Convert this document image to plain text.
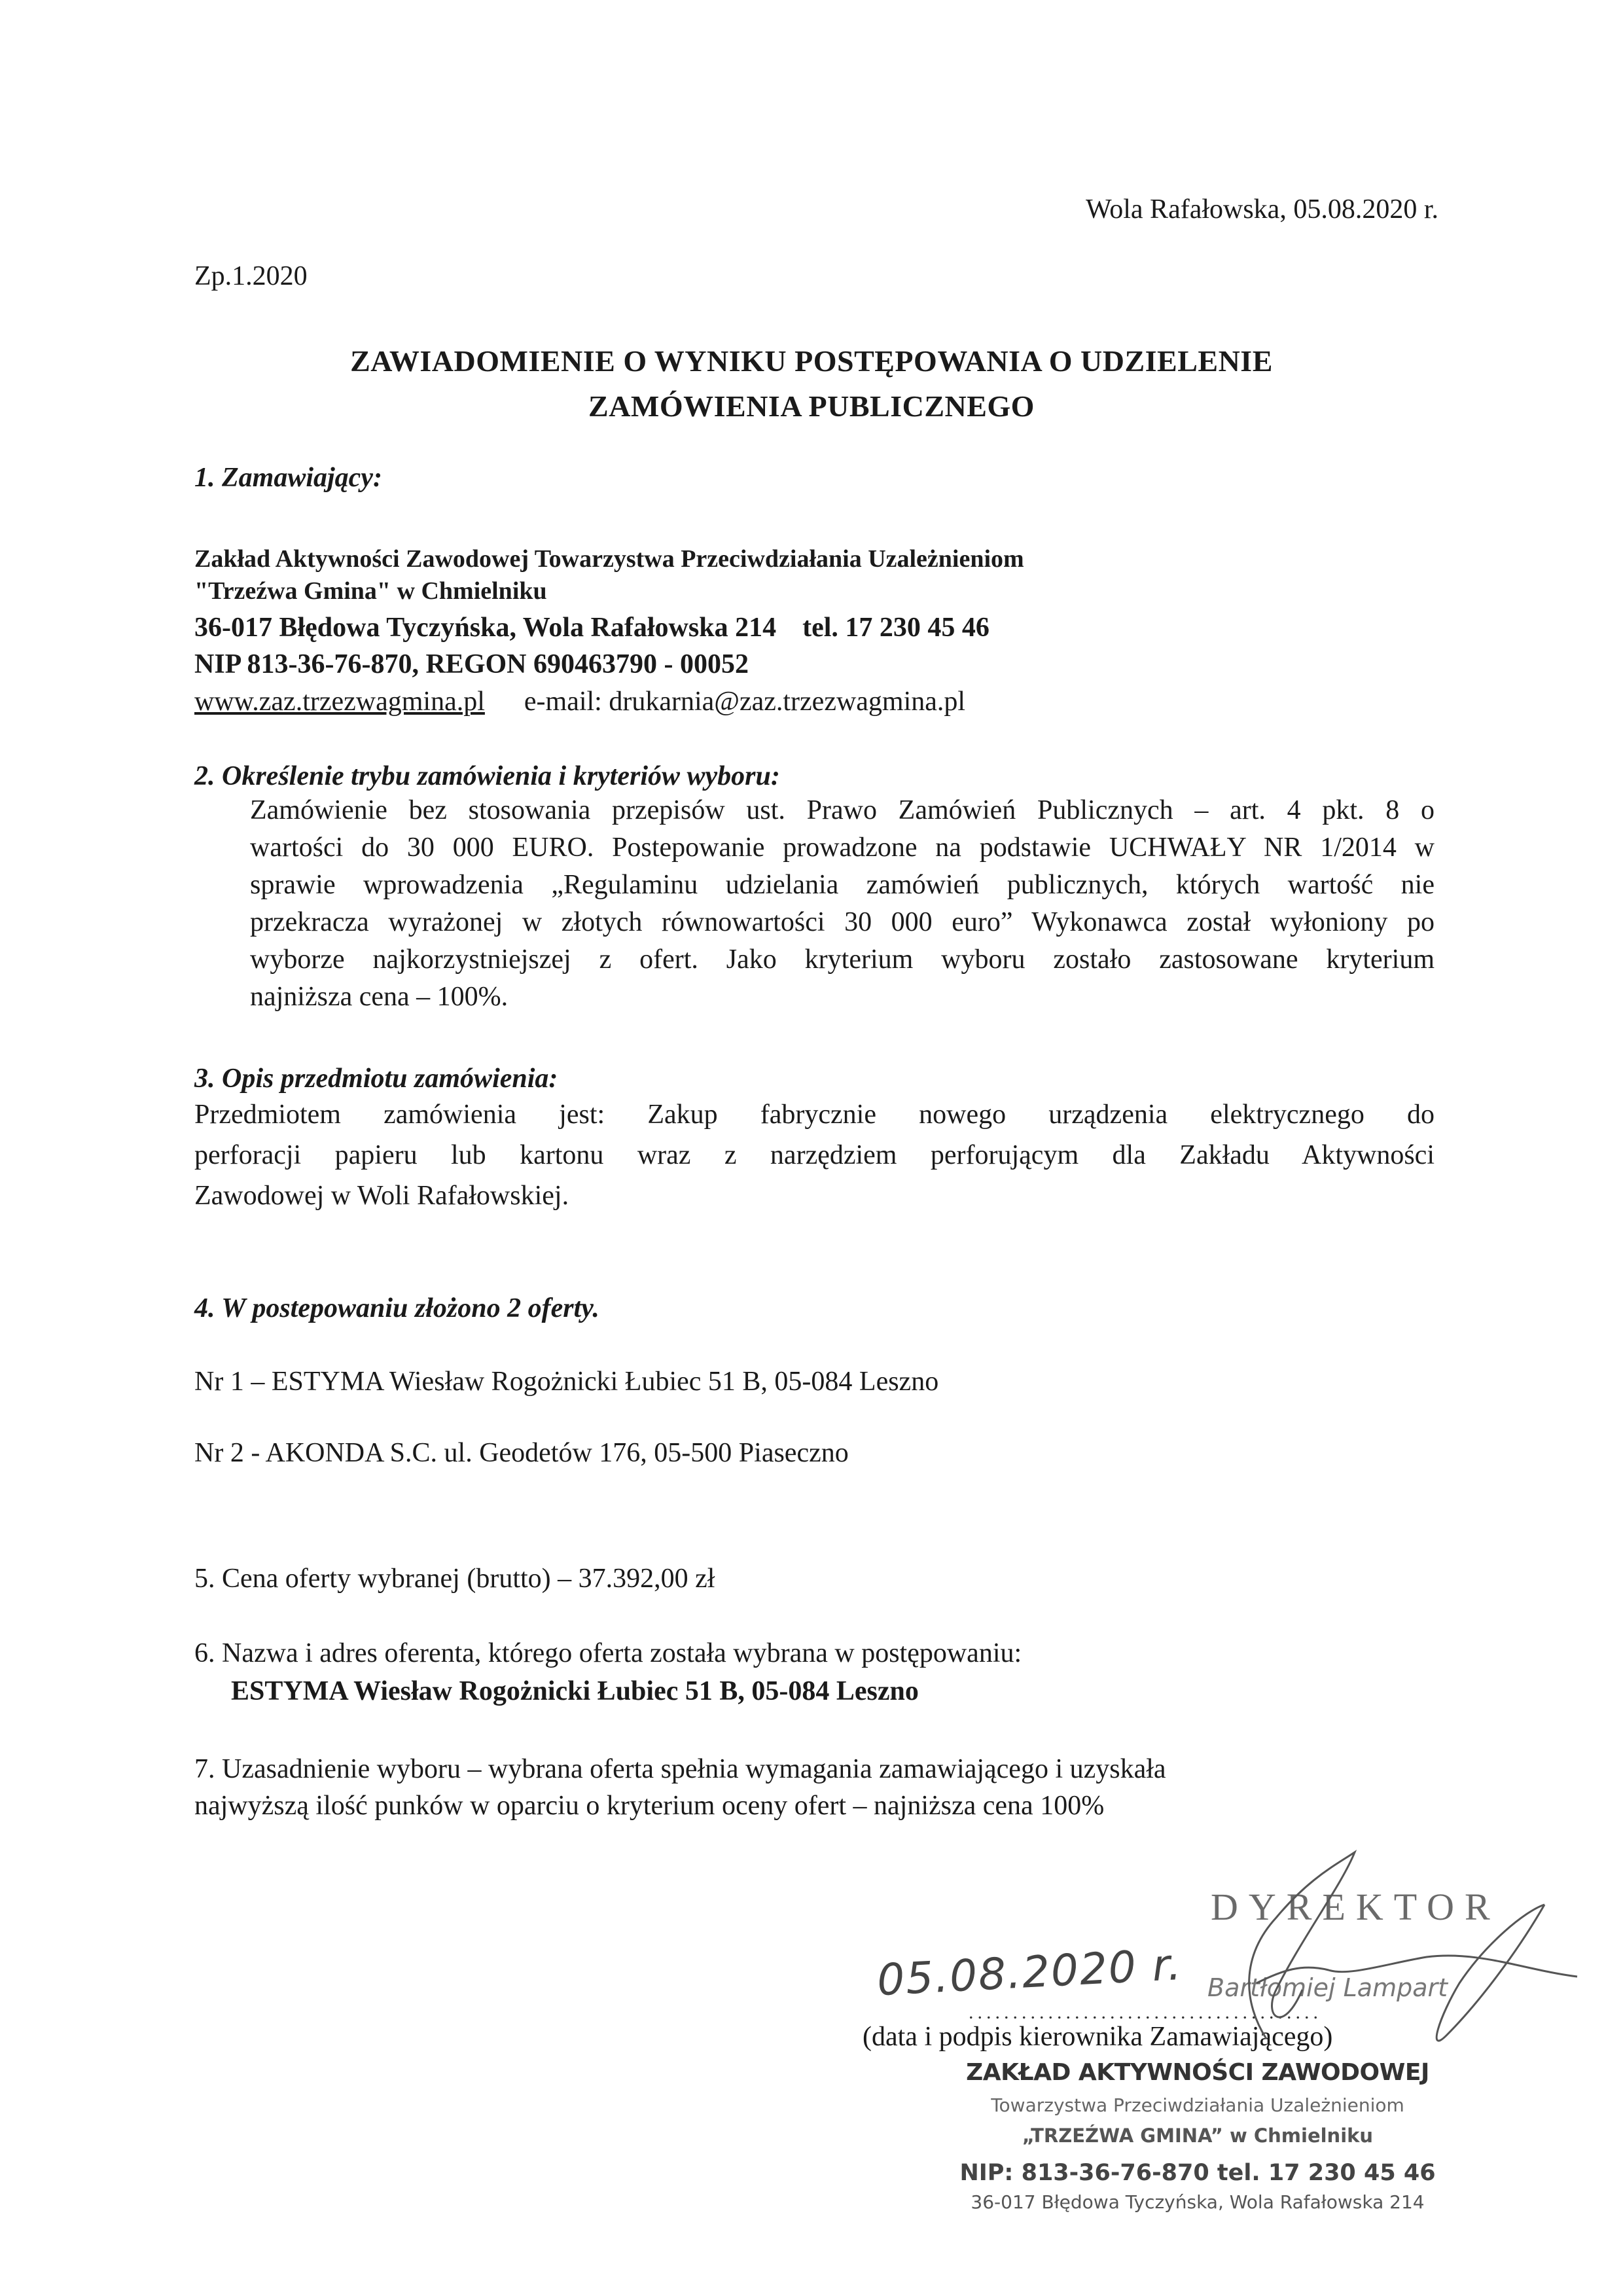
Wola Rafałowska, 05.08.2020 r.
Zp.1.2020
ZAWIADOMIENIE O WYNIKU POSTĘPOWANIA O UDZIELENIE
ZAMÓWIENIA PUBLICZNEGO
1. Zamawiający:
Zakład Aktywności Zawodowej Towarzystwa Przeciwdziałania Uzależnieniom
"Trzeźwa Gmina" w Chmielniku
36-017 Błędowa Tyczyńska, Wola Rafałowska 214 tel. 17 230 45 46
NIP 813-36-76-870, REGON 690463790 - 00052
www.zaz.trzezwagmina.pl e-mail: drukarnia@zaz.trzezwagmina.pl
2. Określenie trybu zamówienia i kryteriów wyboru:
Zamówienie bez stosowania przepisów ust. Prawo Zamówień Publicznych – art. 4 pkt. 8 o
wartości do 30 000 EURO. Postepowanie prowadzone na podstawie UCHWAŁY NR 1/2014 w
sprawie wprowadzenia „Regulaminu udzielania zamówień publicznych, których wartość nie
przekracza wyrażonej w złotych równowartości 30 000 euro” Wykonawca został wyłoniony po
wyborze najkorzystniejszej z ofert. Jako kryterium wyboru zostało zastosowane kryterium
najniższa cena – 100%.
3. Opis przedmiotu zamówienia:
Przedmiotem zamówienia jest: Zakup fabrycznie nowego urządzenia elektrycznego do
perforacji papieru lub kartonu wraz z narzędziem perforującym dla Zakładu Aktywności
Zawodowej w Woli Rafałowskiej.
4. W postepowaniu złożono 2 oferty.
Nr 1 – ESTYMA Wiesław Rogożnicki Łubiec 51 B, 05-084 Leszno
Nr 2 - AKONDA S.C. ul. Geodetów 176, 05-500 Piaseczno
5. Cena oferty wybranej (brutto) – 37.392,00 zł
6. Nazwa i adres oferenta, którego oferta została wybrana w postępowaniu:
ESTYMA Wiesław Rogożnicki Łubiec 51 B, 05-084 Leszno
7. Uzasadnienie wyboru – wybrana oferta spełnia wymagania zamawiającego i uzyskała
najwyższą ilość punków w oparciu o kryterium oceny ofert – najniższa cena 100%
DYREKTOR
05.08.2020 r. Bartłomiej Lampart
........................................
(data i podpis kierownika Zamawiającego)
ZAKŁAD AKTYWNOŚCI ZAWODOWEJ
Towarzystwa Przeciwdziałania Uzależnieniom
„TRZEŹWA GMINA” w Chmielniku
NIP: 813-36-76-870 tel. 17 230 45 46
36-017 Błędowa Tyczyńska, Wola Rafałowska 214
